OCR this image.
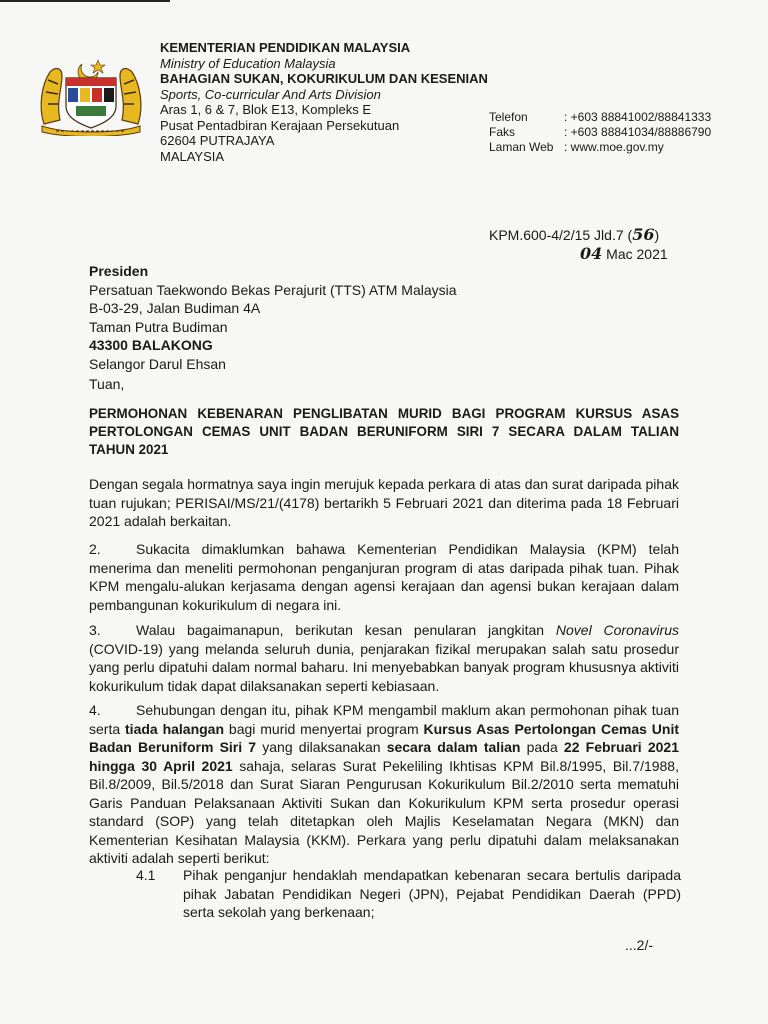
KEMENTERIAN PENDIDIKAN MALAYSIA
Ministry of Education Malaysia
BAHAGIAN SUKAN, KOKURIKULUM DAN KESENIAN
Sports, Co-curricular And Arts Division
Aras 1, 6 & 7, Blok E13, Kompleks E
Pusat Pentadbiran Kerajaan Persekutuan
62604 PUTRAJAYA
MALAYSIA
Telefon	: +603 88841002/88841333
Faks	: +603 88841034/88886790
Laman Web : www.moe.gov.my
KPM.600-4/2/15 Jld.7 (56)
04 Mac 2021
Presiden
Persatuan Taekwondo Bekas Perajurit (TTS) ATM Malaysia
B-03-29, Jalan Budiman 4A
Taman Putra Budiman
43300 BALAKONG
Selangor Darul Ehsan
Tuan,
PERMOHONAN KEBENARAN PENGLIBATAN MURID BAGI PROGRAM KURSUS ASAS PERTOLONGAN CEMAS UNIT BADAN BERUNIFORM SIRI 7 SECARA DALAM TALIAN TAHUN 2021
Dengan segala hormatnya saya ingin merujuk kepada perkara di atas dan surat daripada pihak tuan rujukan; PERISAI/MS/21/(4178) bertarikh 5 Februari 2021 dan diterima pada 18 Februari 2021 adalah berkaitan.
2.	Sukacita dimaklumkan bahawa Kementerian Pendidikan Malaysia (KPM) telah menerima dan meneliti permohonan penganjuran program di atas daripada pihak tuan. Pihak KPM mengalu-alukan kerjasama dengan agensi kerajaan dan agensi bukan kerajaan dalam pembangunan kokurikulum di negara ini.
3.	Walau bagaimanapun, berikutan kesan penularan jangkitan Novel Coronavirus (COVID-19) yang melanda seluruh dunia, penjarakan fizikal merupakan salah satu prosedur yang perlu dipatuhi dalam normal baharu. Ini menyebabkan banyak program khususnya aktiviti kokurikulum tidak dapat dilaksanakan seperti kebiasaan.
4.	Sehubungan dengan itu, pihak KPM mengambil maklum akan permohonan pihak tuan serta tiada halangan bagi murid menyertai program Kursus Asas Pertolongan Cemas Unit Badan Beruniform Siri 7 yang dilaksanakan secara dalam talian pada 22 Februari 2021 hingga 30 April 2021 sahaja, selaras Surat Pekeliling Ikhtisas KPM Bil.8/1995, Bil.7/1988, Bil.8/2009, Bil.5/2018 dan Surat Siaran Pengurusan Kokurikulum Bil.2/2010 serta mematuhi Garis Panduan Pelaksanaan Aktiviti Sukan dan Kokurikulum KPM serta prosedur operasi standard (SOP) yang telah ditetapkan oleh Majlis Keselamatan Negara (MKN) dan Kementerian Kesihatan Malaysia (KKM). Perkara yang perlu dipatuhi dalam melaksanakan aktiviti adalah seperti berikut:
4.1	Pihak penganjur hendaklah mendapatkan kebenaran secara bertulis daripada pihak Jabatan Pendidikan Negeri (JPN), Pejabat Pendidikan Daerah (PPD) serta sekolah yang berkenaan;
...2/-
